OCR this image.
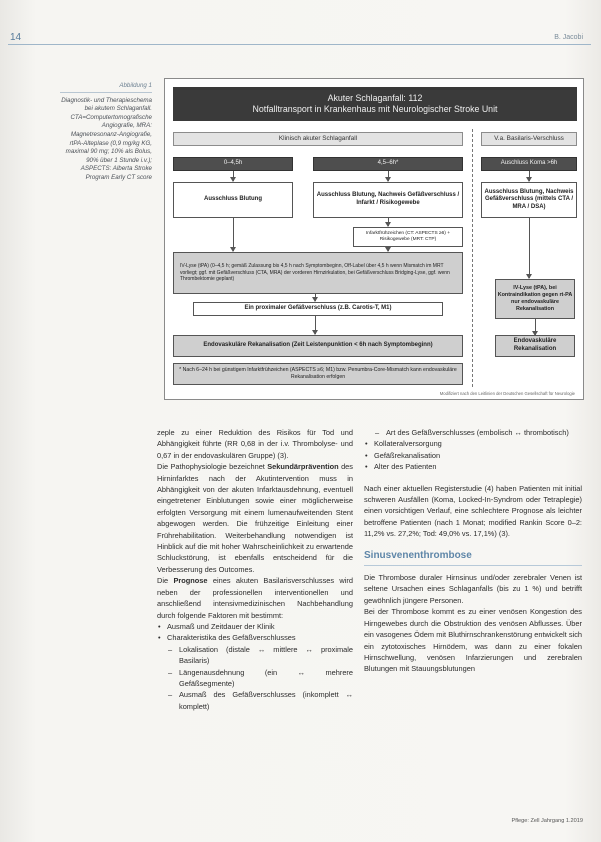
14	B. Jacobi
Abbildung 1
Diagnostik- und Therapieschema bei akutem Schlaganfall. CTA=Computertomografische Angiografie, MRA: Magnetresonanz-Angiografie, rtPA-Alteplase (0,9 mg/kg KG, maximal 90 mg; 10% als Bolus, 90% über 1 Stunde i.v.); ASPECTS: Alberta Stroke Program Early CT score
Akuter Schlaganfall: 112
Notfalltransport in Krankenhaus mit Neurologischer Stroke Unit
Klinisch akuter Schlaganfall	V.a. Basilaris-Verschluss
0–4,5h	4,5–6h*	Auschluss Koma >6h
Ausschluss Blutung
Ausschluss Blutung, Nachweis Gefäßverschluss / Infarkt / Risikogewebe
Ausschluss Blutung, Nachweis Gefäßverschluss (mittels CTA / MRA / DSA)
Infarktfrühzeichen (CT: ASPECTS ≥6) + Risikogewebe (MRT: CTP)
IV-Lyse (tPA) (0–4,5 h; gemäß Zulassung bis 4,5 h nach Symptombeginn, Off-Label über 4,5 h wenn Mismatch im MRT vorliegt; ggf. mit Gefäßverschluss (CTA, MRA) der vorderen Hirnzirkulation, bei Gefäßverschluss Bridging-Lyse, ggf. wenn Thrombektomie geplant)
Ein proximaler Gefäßverschluss (z.B. Carotis-T, M1)
Endovaskuläre Rekanalisation (Zeit Leistenpunktion < 6h nach Symptombeginn)
* Nach 6–24 h bei günstigem Infarktfrühzeichen (ASPECTS ≥6; M1) bzw. Penumbra-Core-Mismatch kann endovaskuläre Rekanalisation erfolgen
IV-Lyse (tPA), bei Kontraindikation gegen rt-PA nur endovaskuläre Rekanalisation
Endovaskuläre Rekanalisation
Modifiziert nach den Leitlinien der Deutschen Gesellschaft für Neurologie

zeple zu einer Reduktion des Risikos für Tod und Abhängigkeit führte (RR 0,68 in der i.v. Thrombolyse- und 0,67 in der endovaskulären Gruppe) (3).

Die Pathophysiologie bezeichnet Sekundärprävention des Hirninfarktes nach der Akutintervention muss in Abhängigkeit von der akuten Infarktausdehnung, eventuell eingetretener Einblutungen sowie einer möglicherweise erfolgten Versorgung mit einem lumenaufweitenden Stent abgewogen werden. Die frühzeitige Einleitung einer Frührehabilitation. Weiterbehandlung notwendigen ist Hinblick auf die mit hoher Wahrscheinlichkeit zu erwartende Schluckstörung, ist ebenfalls entscheidend für die Verbesserung des Outcomes.

Die Prognose eines akuten Basilarisverschlusses wird neben der professionellen interventionellen und anschließend intensivmedizinischen Nachbehandlung durch folgende Faktoren mit bestimmt:

• Ausmaß und Zeitdauer der Klinik
• Charakteristika des Gefäßverschlusses
– Lokalisation (distale ↔ mittlere ↔ proximale Basilaris)
– Längenausdehnung (ein ↔ mehrere Gefäßsegmente)
– Ausmaß des Gefäßverschlusses (inkomplett ↔ komplett)
– Art des Gefäßverschlusses (embolisch ↔ thrombotisch)
• Kollateralversorgung
• Gefäßrekanalisation
• Alter des Patienten

Nach einer aktuellen Registerstudie (4) haben Patienten mit initial schweren Ausfällen (Koma, Locked-In-Syndrom oder Tetraplegie) einen vorsichtigen Verlauf, eine schlechtere Prognose als leichter betroffene Patienten (nach 1 Monat; modified Rankin Score 0–2: 11,2% vs. 27,2%; Tod: 49,0% vs. 17,1%) (3).

Sinusvenenthrombose

Die Thrombose duraler Hirnsinus und/oder zerebraler Venen ist seltene Ursachen eines Schlaganfalls (bis zu 1 %) und betrifft gewöhnlich jüngere Personen.

Bei der Thrombose kommt es zu einer venösen Kongestion des Hirngewebes durch die Obstruktion des venösen Abflusses. Über ein vasogenes Ödem mit Bluthirnschrankenstörung entwickelt sich ein zytotoxisches Hirnödem, was dann zu einer fokalen Hirnschwellung, venösen Infarzierungen und zerebralen Blutungen mit Stauungsblutungen

Pflege: Zell Jahrgang 1.2019
